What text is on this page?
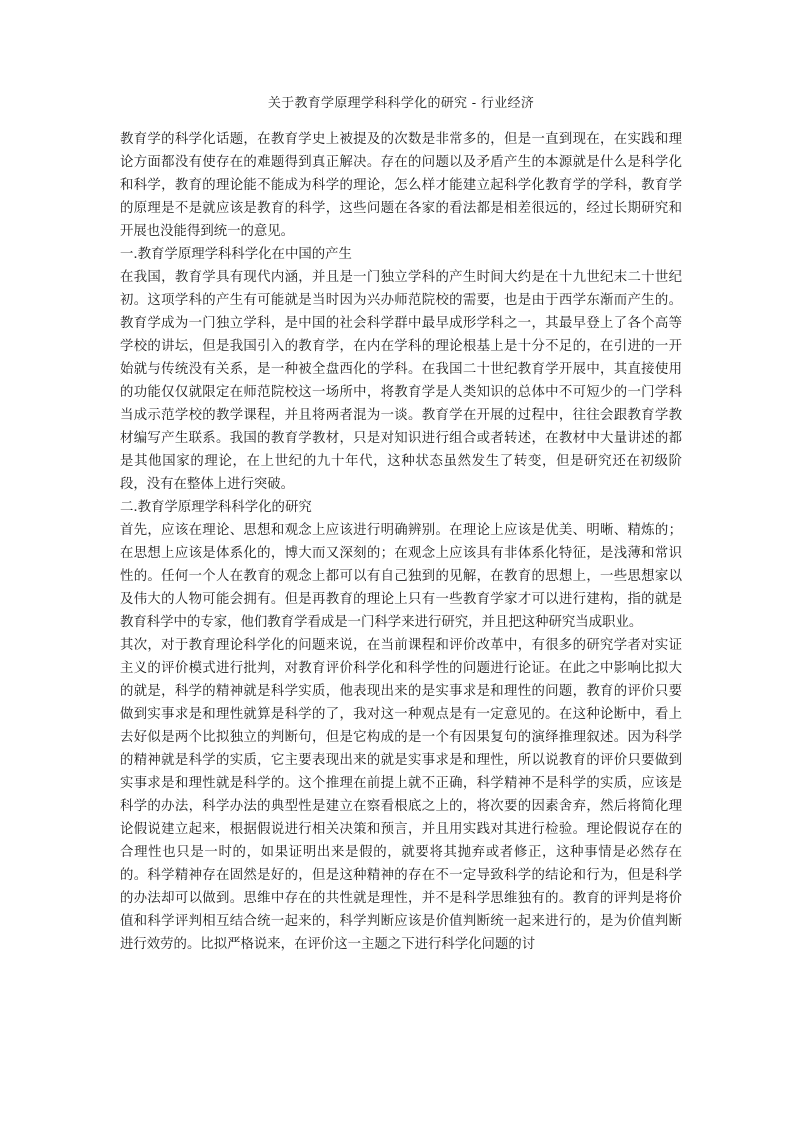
关于教育学原理学科科学化的研究 - 行业经济

教育学的科学化话题，在教育学史上被提及的次数是非常多的，但是一直到现在，在实践和理论方面都没有使存在的难题得到真正解决。存在的问题以及矛盾产生的本源就是什么是科学化和科学，教育的理论能不能成为科学的理论，怎么样才能建立起科学化教育学的学科，教育学的原理是不是就应该是教育的科学，这些问题在各家的看法都是相差很远的，经过长期研究和开展也没能得到统一的意见。

一.教育学原理学科科学化在中国的产生

在我国，教育学具有现代内涵，并且是一门独立学科的产生时间大约是在十九世纪末二十世纪初。这项学科的产生有可能就是当时因为兴办师范院校的需要，也是由于西学东渐而产生的。教育学成为一门独立学科，是中国的社会科学群中最早成形学科之一，其最早登上了各个高等学校的讲坛，但是我国引入的教育学，在内在学科的理论根基上是十分不足的，在引进的一开始就与传统没有关系，是一种被全盘西化的学科。在我国二十世纪教育学开展中，其直接使用的功能仅仅就限定在师范院校这一场所中，将教育学是人类知识的总体中不可短少的一门学科当成示范学校的教学课程，并且将两者混为一谈。教育学在开展的过程中，往往会跟教育学教材编写产生联系。我国的教育学教材，只是对知识进行组合或者转述，在教材中大量讲述的都是其他国家的理论，在上世纪的九十年代，这种状态虽然发生了转变，但是研究还在初级阶段，没有在整体上进行突破。

二.教育学原理学科科学化的研究

首先，应该在理论、思想和观念上应该进行明确辨别。在理论上应该是优美、明晰、精炼的；在思想上应该是体系化的，博大而又深刻的；在观念上应该具有非体系化特征，是浅薄和常识性的。任何一个人在教育的观念上都可以有自己独到的见解，在教育的思想上，一些思想家以及伟大的人物可能会拥有。但是再教育的理论上只有一些教育学家才可以进行建构，指的就是教育科学中的专家，他们教育学看成是一门科学来进行研究，并且把这种研究当成职业。

其次，对于教育理论科学化的问题来说，在当前课程和评价改革中，有很多的研究学者对实证主义的评价模式进行批判，对教育评价科学化和科学性的问题进行论证。在此之中影响比拟大的就是，科学的精神就是科学实质，他表现出来的是实事求是和理性的问题，教育的评价只要做到实事求是和理性就算是科学的了，我对这一种观点是有一定意见的。在这种论断中，看上去好似是两个比拟独立的判断句，但是它构成的是一个有因果复句的演绎推理叙述。因为科学的精神就是科学的实质，它主要表现出来的就是实事求是和理性，所以说教育的评价只要做到实事求是和理性就是科学的。这个推理在前提上就不正确，科学精神不是科学的实质，应该是科学的办法，科学办法的典型性是建立在察看根底之上的，将次要的因素舍弃，然后将简化理论假说建立起来，根据假说进行相关决策和预言，并且用实践对其进行检验。理论假说存在的合理性也只是一时的，如果证明出来是假的，就要将其抛弃或者修正，这种事情是必然存在的。科学精神存在固然是好的，但是这种精神的存在不一定导致科学的结论和行为，但是科学的办法却可以做到。思维中存在的共性就是理性，并不是科学思维独有的。教育的评判是将价值和科学评判相互结合统一起来的，科学判断应该是价值判断统一起来进行的，是为价值判断进行效劳的。比拟严格说来，在评价这一主题之下进行科学化问题的讨
